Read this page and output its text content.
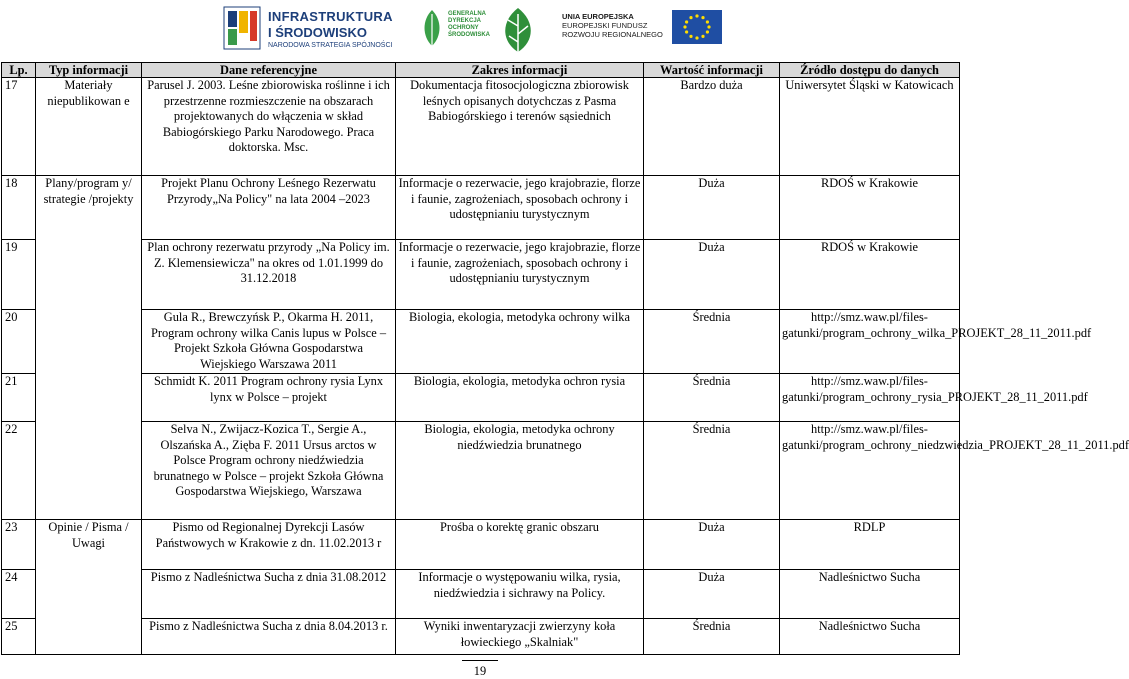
INFRASTRUKTURA
I ŚRODOWISKO
NARODOWA STRATEGIA SPÓJNOŚCI
GENERALNA DYREKCJA OCHRONY ŚRODOWISKA
UNIA EUROPEJSKA
EUROPEJSKI FUNDUSZ
ROZWOJU REGIONALNEGO
Lp.	Typ informacji	Dane referencyjne	Zakres informacji	Wartość informacji	Źródło dostępu do danych
17	Materiały niepublikowan e	Parusel J. 2003. Leśne zbiorowiska roślinne i ich przestrzenne rozmieszczenie na obszarach projektowanych do włączenia w skład Babiogórskiego Parku Narodowego. Praca doktorska. Msc.	Dokumentacja fitosocjologiczna zbiorowisk leśnych opisanych dotychczas z Pasma Babiogórskiego i terenów sąsiednich	Bardzo duża	Uniwersytet Śląski w Katowicach
18	Plany/program y/ strategie /projekty	Projekt Planu Ochrony Leśnego Rezerwatu Przyrody„Na Policy" na lata 2004 –2023	Informacje o rezerwacie, jego krajobrazie, florze i faunie, zagrożeniach, sposobach ochrony i udostępnianiu turystycznym	Duża	RDOŚ w Krakowie
19		Plan ochrony rezerwatu przyrody „Na Policy im. Z. Klemensiewicza" na okres od 1.01.1999 do 31.12.2018	Informacje o rezerwacie, jego krajobrazie, florze i faunie, zagrożeniach, sposobach ochrony i udostępnianiu turystycznym	Duża	RDOŚ w Krakowie
20		Gula R., Brewczyńsk P., Okarma H. 2011, Program ochrony wilka Canis lupus w Polsce – Projekt Szkoła Główna Gospodarstwa Wiejskiego Warszawa 2011	Biologia, ekologia, metodyka ochrony wilka	Średnia	http://smz.waw.pl/files-gatunki/program_ochrony_wilka_PROJEKT_28_11_2011.pdf
21		Schmidt K. 2011 Program ochrony rysia Lynx lynx w Polsce – projekt	Biologia, ekologia, metodyka ochron rysia	Średnia	http://smz.waw.pl/files-gatunki/program_ochrony_rysia_PROJEKT_28_11_2011.pdf
22		Selva N., Zwijacz-Kozica T., Sergie A., Olszańska A., Zięba F. 2011 Ursus arctos w Polsce Program ochrony niedźwiedzia brunatnego w Polsce – projekt Szkoła Główna Gospodarstwa Wiejskiego, Warszawa	Biologia, ekologia, metodyka ochrony niedźwiedzia brunatnego	Średnia	http://smz.waw.pl/files-gatunki/program_ochrony_niedzwiedzia_PROJEKT_28_11_2011.pdf
23	Opinie / Pisma / Uwagi	Pismo od Regionalnej Dyrekcji Lasów Państwowych w Krakowie z dn. 11.02.2013 r	Prośba o korektę granic obszaru	Duża	RDLP
24		Pismo z Nadleśnictwa Sucha z dnia 31.08.2012	Informacje o występowaniu wilka, rysia, niedźwiedzia i sichrawy na Policy.	Duża	Nadleśnictwo Sucha
25		Pismo z Nadleśnictwa Sucha z dnia 8.04.2013 r.	Wyniki inwentaryzacji zwierzyny koła łowieckiego „Skalniak"	Średnia	Nadleśnictwo Sucha
19
